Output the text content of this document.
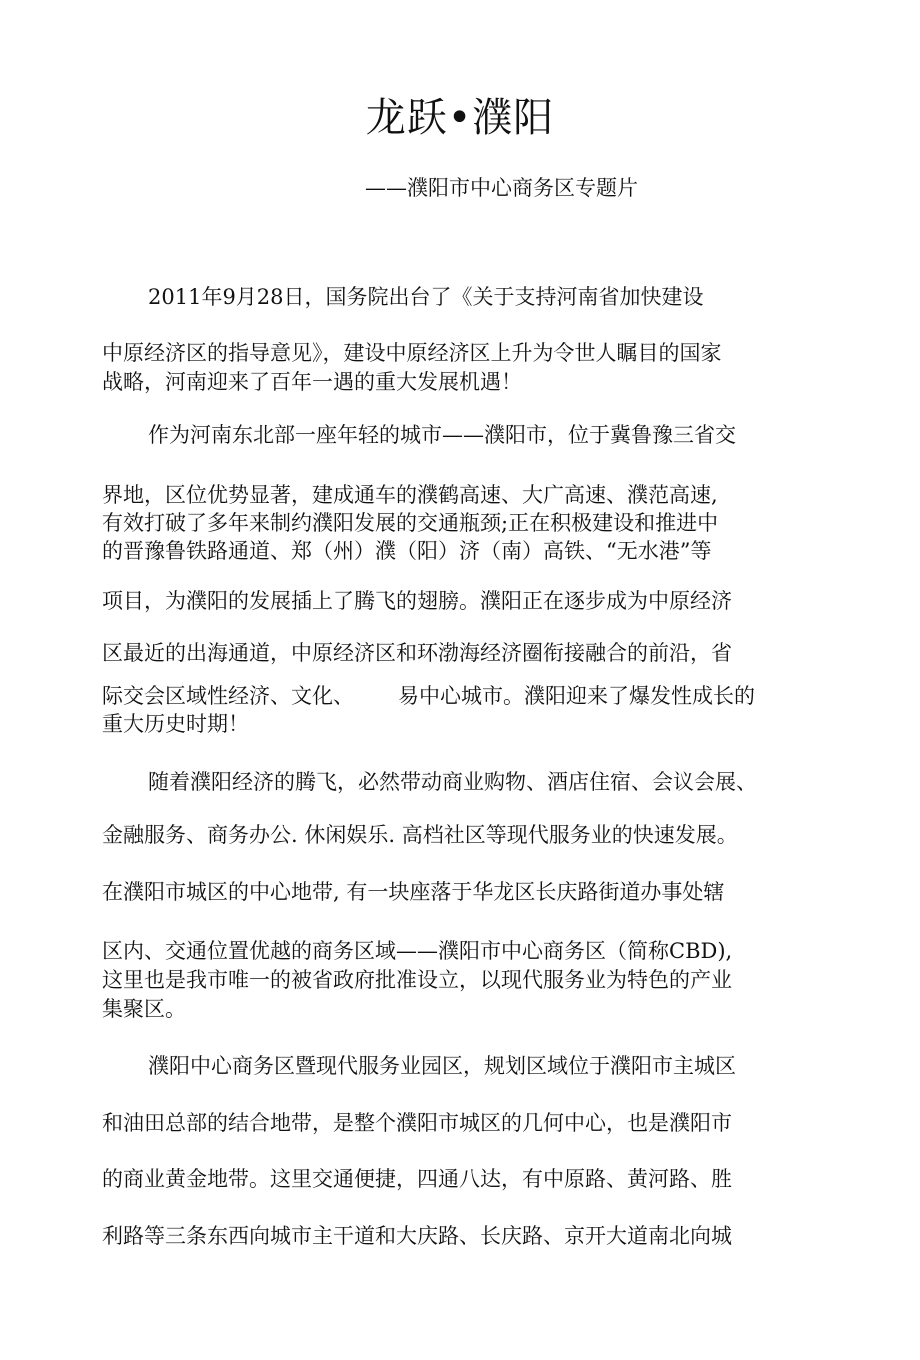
龙跃•濮阳
——濮阳市中心商务区专题片
2011年9月28日，国务院出台了《关于支持河南省加快建设
中原经济区的指导意见》，建设中原经济区上升为令世人瞩目的国家
战略，河南迎来了百年一遇的重大发展机遇！
作为河南东北部一座年轻的城市——濮阳市，位于冀鲁豫三省交
界地，区位优势显著，建成通车的濮鹤高速、大广高速、濮范高速,
有效打破了多年来制约濮阳发展的交通瓶颈;正在积极建设和推进中
的晋豫鲁铁路通道、郑（州）濮（阳）济（南）高铁、“无水港”等
项目，为濮阳的发展插上了腾飞的翅膀。濮阳正在逐步成为中原经济
区最近的出海通道，中原经济区和环渤海经济圈衔接融合的前沿，省
际交会区域性经济、文化、 易中心城市。濮阳迎来了爆发性成长的
重大历史时期！
随着濮阳经济的腾飞，必然带动商业购物、酒店住宿、会议会展、
金融服务、商务办公. 休闲娱乐. 高档社区等现代服务业的快速发展。
在濮阳市城区的中心地带, 有一块座落于华龙区长庆路街道办事处辖
区内、交通位置优越的商务区域——濮阳市中心商务区（简称CBD),
这里也是我市唯一的被省政府批准设立，以现代服务业为特色的产业
集聚区。
濮阳中心商务区暨现代服务业园区，规划区域位于濮阳市主城区
和油田总部的结合地带，是整个濮阳市城区的几何中心，也是濮阳市
的商业黄金地带。这里交通便捷，四通八达，有中原路、黄河路、胜
利路等三条东西向城市主干道和大庆路、长庆路、京开大道南北向城
